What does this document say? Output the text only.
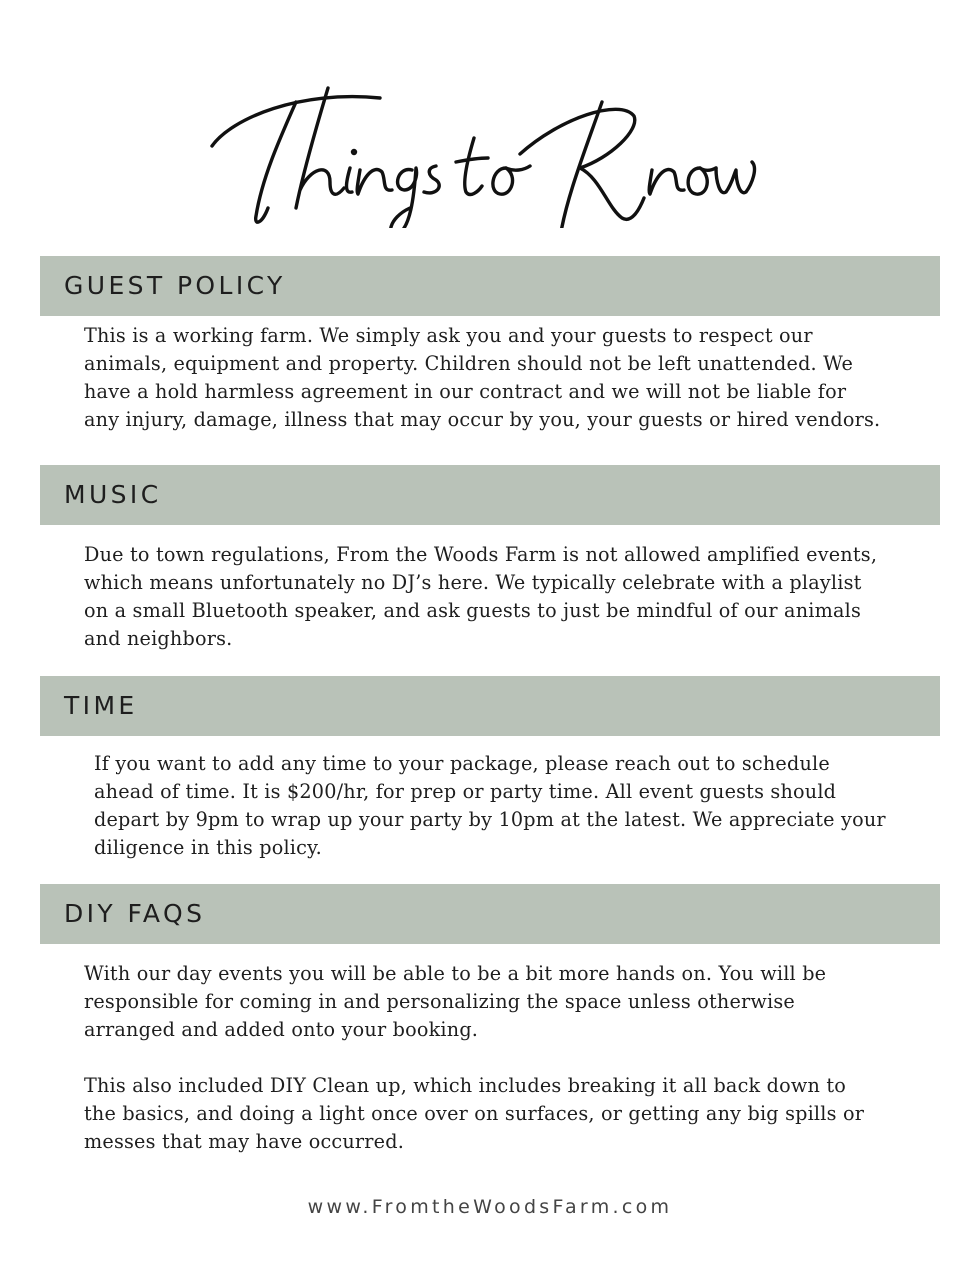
GUEST POLICY

This is a working farm. We simply ask you and your guests to respect our animals, equipment and property. Children should not be left unattended. We have a hold harmless agreement in our contract and we will not be liable for any injury, damage, illness that may occur by you, your guests or hired vendors.

MUSIC

Due to town regulations, From the Woods Farm is not allowed amplified events, which means unfortunately no DJ’s here. We typically celebrate with a playlist on a small Bluetooth speaker, and ask guests to just be mindful of our animals and neighbors.

TIME

If you want to add any time to your package, please reach out to schedule ahead of time. It is $200/hr, for prep or party time. All event guests should depart by 9pm to wrap up your party by 10pm at the latest. We appreciate your diligence in this policy.

DIY FAQS

With our day events you will be able to be a bit more hands on. You will be responsible for coming in and personalizing the space unless otherwise arranged and added onto your booking.

This also included DIY Clean up, which includes breaking it all back down to the basics, and doing a light once over on surfaces, or getting any big spills or messes that may have occurred.

www.FromtheWoodsFarm.com
